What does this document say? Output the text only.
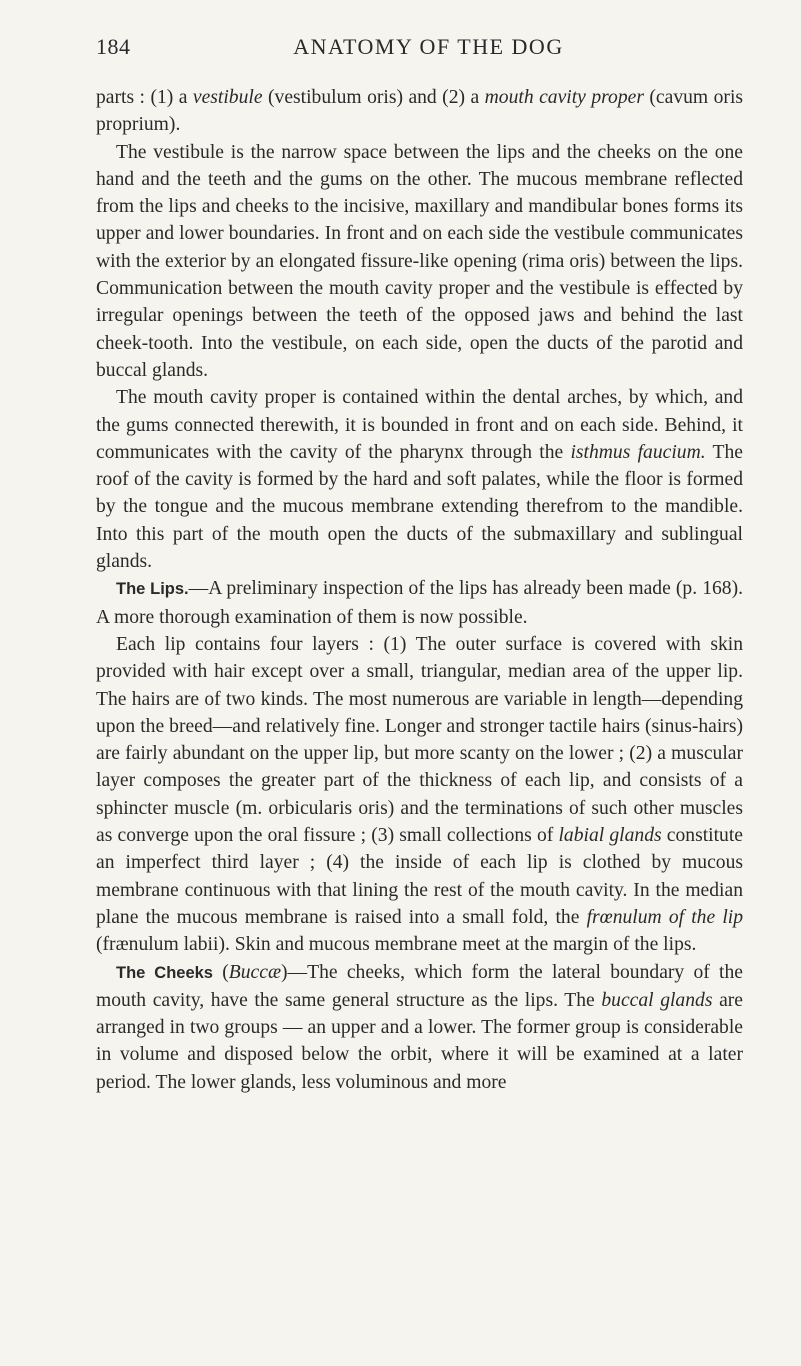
184	ANATOMY OF THE DOG

parts : (1) a vestibule (vestibulum oris) and (2) a mouth cavity proper (cavum oris proprium).

The vestibule is the narrow space between the lips and the cheeks on the one hand and the teeth and the gums on the other. The mucous membrane reflected from the lips and cheeks to the incisive, maxillary and mandibular bones forms its upper and lower boundaries. In front and on each side the vestibule communicates with the exterior by an elongated fissure-like opening (rima oris) between the lips. Communication between the mouth cavity proper and the vestibule is effected by irregular openings between the teeth of the opposed jaws and behind the last cheek-tooth. Into the vestibule, on each side, open the ducts of the parotid and buccal glands.

The mouth cavity proper is contained within the dental arches, by which, and the gums connected therewith, it is bounded in front and on each side. Behind, it communicates with the cavity of the pharynx through the isthmus faucium. The roof of the cavity is formed by the hard and soft palates, while the floor is formed by the tongue and the mucous membrane extending therefrom to the mandible. Into this part of the mouth open the ducts of the submaxillary and sublingual glands.

The Lips.—A preliminary inspection of the lips has already been made (p. 168). A more thorough examination of them is now possible.

Each lip contains four layers : (1) The outer surface is covered with skin provided with hair except over a small, triangular, median area of the upper lip. The hairs are of two kinds. The most numerous are variable in length—depending upon the breed—and relatively fine. Longer and stronger tactile hairs (sinus-hairs) are fairly abundant on the upper lip, but more scanty on the lower ; (2) a muscular layer composes the greater part of the thickness of each lip, and consists of a sphincter muscle (m. orbicularis oris) and the terminations of such other muscles as converge upon the oral fissure ; (3) small collections of labial glands constitute an imperfect third layer ; (4) the inside of each lip is clothed by mucous membrane continuous with that lining the rest of the mouth cavity. In the median plane the mucous membrane is raised into a small fold, the frœnulum of the lip (frænulum labii). Skin and mucous membrane meet at the margin of the lips.

The Cheeks (Buccæ)—The cheeks, which form the lateral boundary of the mouth cavity, have the same general structure as the lips. The buccal glands are arranged in two groups — an upper and a lower. The former group is considerable in volume and disposed below the orbit, where it will be examined at a later period. The lower glands, less voluminous and more
